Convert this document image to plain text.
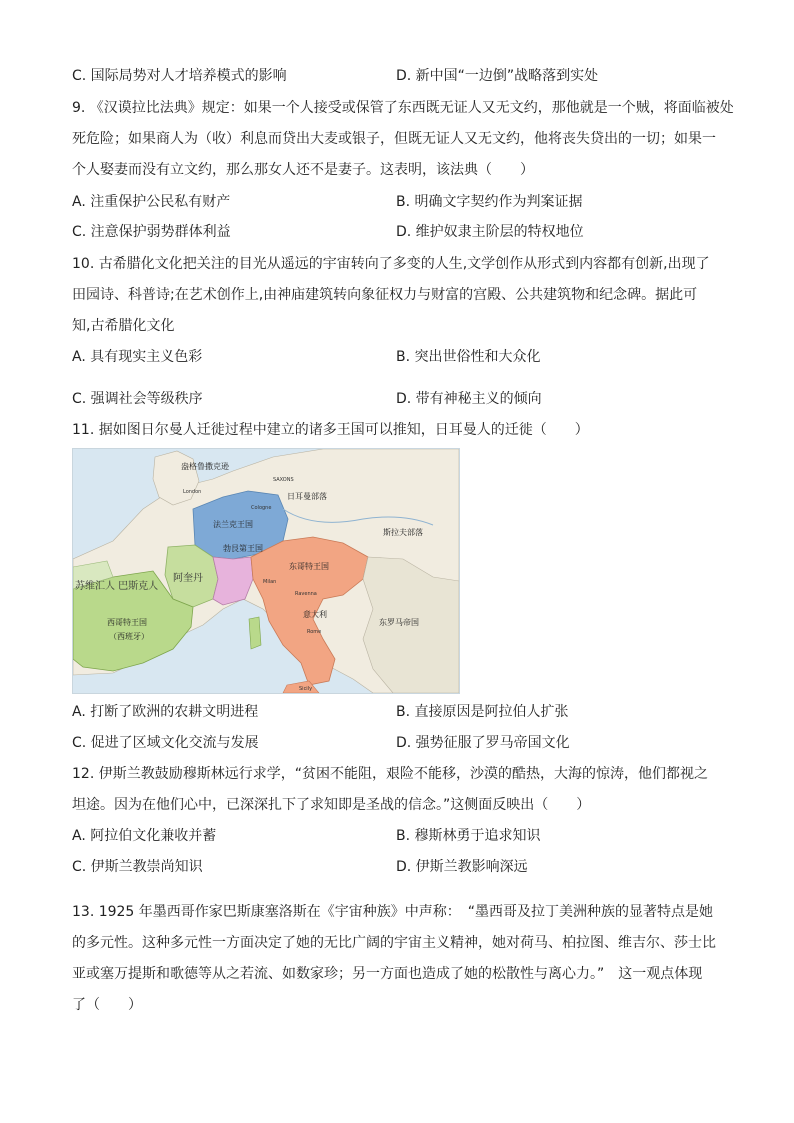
C. 国际局势对人才培养模式的影响	D. 新中国“一边倒”战略落到实处
9. 《汉谟拉比法典》规定：如果一个人接受或保管了东西既无证人又无文约，那他就是一个贼，将面临被处
死危险；如果商人为（收）利息而贷出大麦或银子，但既无证人又无文约，他将丧失贷出的一切；如果一
个人娶妻而没有立文约，那么那女人还不是妻子。这表明，该法典（　　）
A. 注重保护公民私有财产	B. 明确文字契约作为判案证据
C. 注意保护弱势群体利益	D. 维护奴隶主阶层的特权地位
10. 古希腊化文化把关注的目光从遥远的宇宙转向了多变的人生,文学创作从形式到内容都有创新,出现了
田园诗、科普诗;在艺术创作上,由神庙建筑转向象征权力与财富的宫殿、公共建筑物和纪念碑。据此可
知,古希腊化文化
A. 具有现实主义色彩	B. 突出世俗性和大众化
C. 强调社会等级秩序	D. 带有神秘主义的倾向
11. 据如图日尔曼人迁徙过程中建立的诸多王国可以推知，日耳曼人的迁徙（　　）
盎格鲁撒克逊
London
SAXONS
日耳曼部落
Cologne
法兰克王国
斯拉夫部落
勃艮第王国
东哥特王国
Milan
Ravenna
阿奎丹
苏维汇人 巴斯克人
意大利
Rome
西哥特王国
（西班牙）
东罗马帝国
Sicily
A. 打断了欧洲的农耕文明进程	B. 直接原因是阿拉伯人扩张
C. 促进了区域文化交流与发展	D. 强势征服了罗马帝国文化
12. 伊斯兰教鼓励穆斯林远行求学，“贫困不能阻，艰险不能移，沙漠的酷热，大海的惊涛，他们都视之
坦途。因为在他们心中，已深深扎下了求知即是圣战的信念。”这侧面反映出（　　）
A. 阿拉伯文化兼收并蓄	B. 穆斯林勇于追求知识
C. 伊斯兰教崇尚知识	D. 伊斯兰教影响深远
13. 1925 年墨西哥作家巴斯康塞洛斯在《宇宙种族》中声称：　“墨西哥及拉丁美洲种族的显著特点是她
的多元性。这种多元性一方面决定了她的无比广阔的宇宙主义精神，她对荷马、柏拉图、维吉尔、莎士比
亚或塞万提斯和歌德等从之若流、如数家珍；另一方面也造成了她的松散性与离心力。”　这一观点体现
了（　　）
